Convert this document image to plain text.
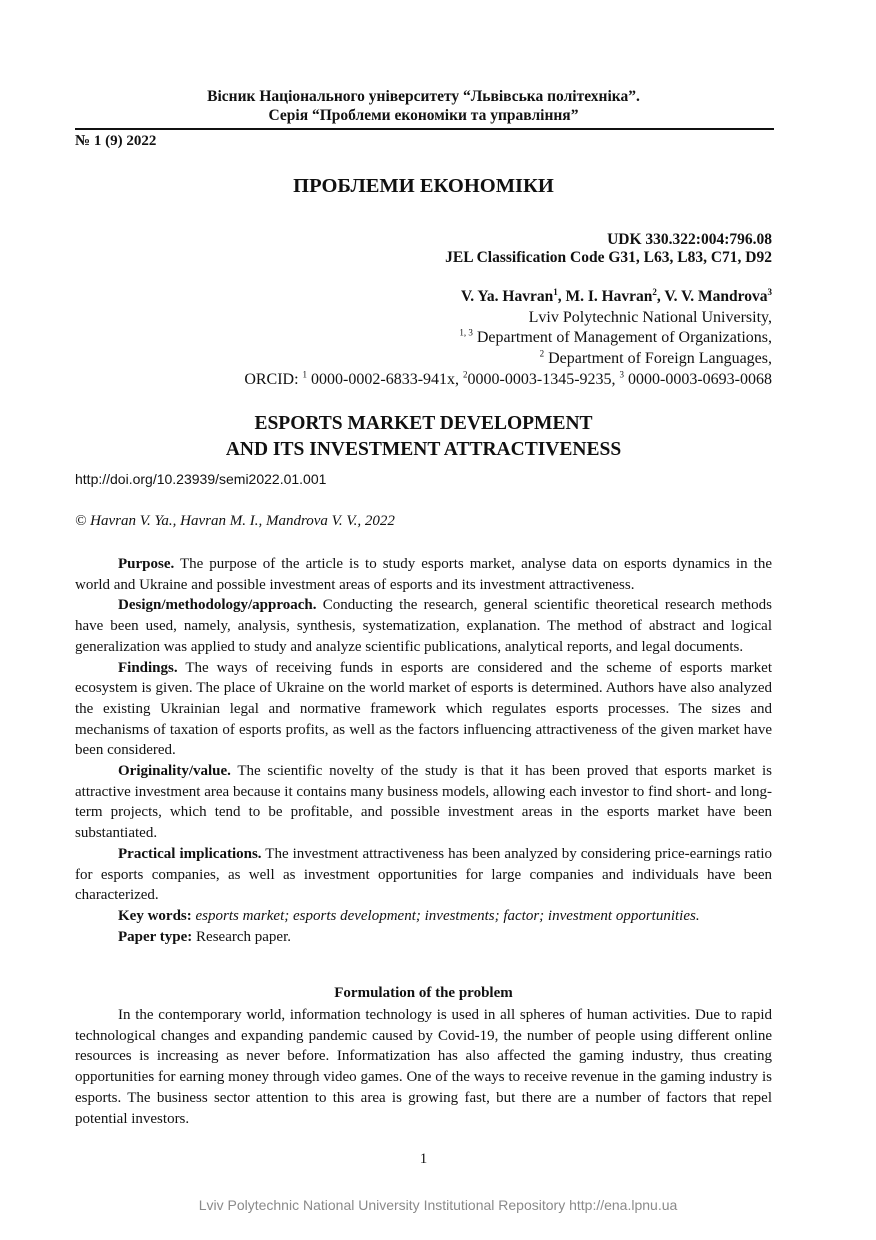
Вісник Національного університету “Львівська політехніка”.
Серія “Проблеми економіки та управління”
№ 1 (9) 2022
ПРОБЛЕМИ ЕКОНОМІКИ
UDK 330.322:004:796.08
JEL Classification Code G31, L63, L83, C71, D92
V. Ya. Havran$^1$, M. I. Havran$^2$, V. V. Mandrova$^3$
Lviv Polytechnic National University,
$^{1, 3}$ Department of Management of Organizations,
$^2$ Department of Foreign Languages,
ORCID: $^1$ 0000-0002-6833-941x, $^2$0000-0003-1345-9235, $^3$ 0000-0003-0693-0068
ESPORTS MARKET DEVELOPMENT
AND ITS INVESTMENT ATTRACTIVENESS
http://doi.org/10.23939/semi2022.01.001
© Havran V. Ya., Havran M. I., Mandrova V. V., 2022

Purpose. The purpose of the article is to study esports market, analyse data on esports dynamics in the world and Ukraine and possible investment areas of esports and its investment attractiveness.

Design/methodology/approach. Conducting the research, general scientific theoretical research methods have been used, namely, analysis, synthesis, systematization, explanation. The method of abstract and logical generalization was applied to study and analyze scientific publications, analytical reports, and legal documents.

Findings. The ways of receiving funds in esports are considered and the scheme of esports market ecosystem is given. The place of Ukraine on the world market of esports is determined. Authors have also analyzed the existing Ukrainian legal and normative framework which regulates esports processes. The sizes and mechanisms of taxation of esports profits, as well as the factors influencing attractiveness of the given market have been considered.

Originality/value. The scientific novelty of the study is that it has been proved that esports market is attractive investment area because it contains many business models, allowing each investor to find short- and long-term projects, which tend to be profitable, and possible investment areas in the esports market have been substantiated.

Practical implications. The investment attractiveness has been analyzed by considering price-earnings ratio for esports companies, as well as investment opportunities for large companies and individuals have been characterized.

Key words: esports market; esports development; investments; factor; investment opportunities.

Paper type: Research paper.

Formulation of the problem

In the contemporary world, information technology is used in all spheres of human activities. Due to rapid technological changes and expanding pandemic caused by Covid-19, the number of people using different online resources is increasing as never before. Informatization has also affected the gaming industry, thus creating opportunities for earning money through video games. One of the ways to receive revenue in the gaming industry is esports. The business sector attention to this area is growing fast, but there are a number of factors that repel potential investors.

1
Lviv Polytechnic National University Institutional Repository http://ena.lpnu.ua
